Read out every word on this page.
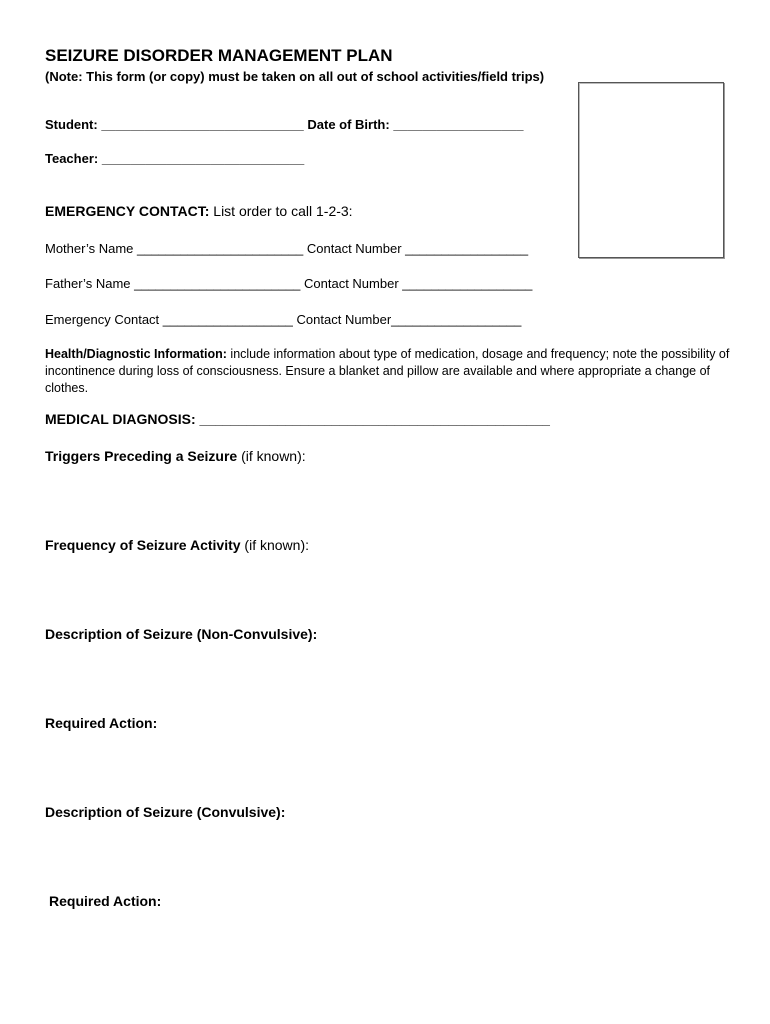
SEIZURE DISORDER MANAGEMENT PLAN
(Note: This form (or copy) must be taken on all out of school activities/field trips)
Student: ____________________________ Date of Birth: __________________
Teacher: ____________________________
EMERGENCY CONTACT: List order to call 1-2-3:
Mother’s Name _______________________ Contact Number _________________
Father’s Name _______________________ Contact Number __________________
Emergency Contact __________________ Contact Number__________________
Health/Diagnostic Information: include information about type of medication, dosage and frequency; note the possibility of incontinence during loss of consciousness. Ensure a blanket and pillow are available and where appropriate a change of clothes.
MEDICAL DIAGNOSIS: _____________________________________________
Triggers Preceding a Seizure (if known):
Frequency of Seizure Activity (if known):
Description of Seizure (Non-Convulsive):
Required Action:
Description of Seizure (Convulsive):
Required Action:
